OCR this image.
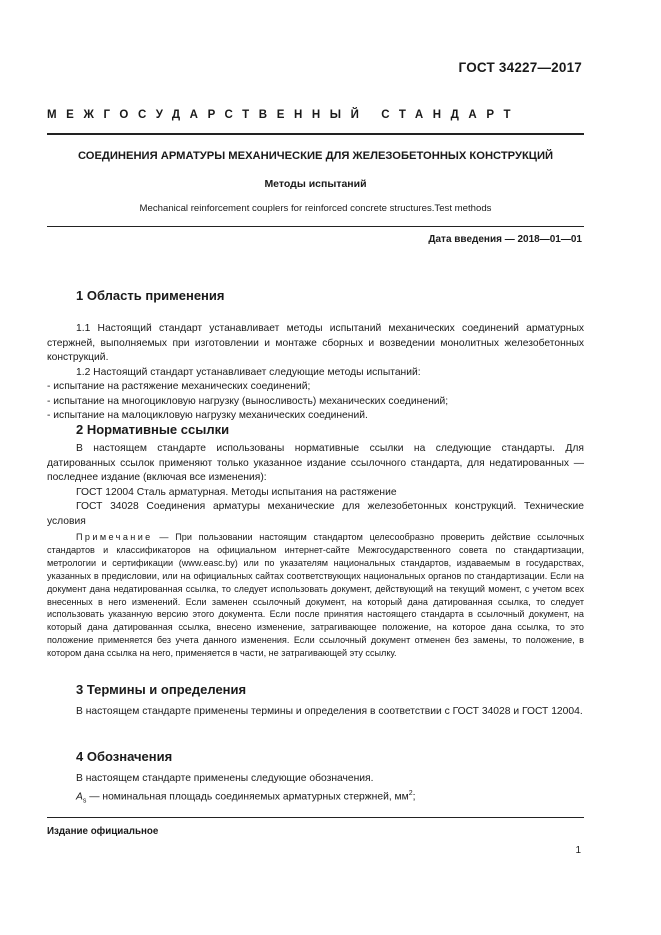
ГОСТ 34227—2017
МЕЖГОСУДАРСТВЕННЫЙ СТАНДАРТ
СОЕДИНЕНИЯ АРМАТУРЫ МЕХАНИЧЕСКИЕ ДЛЯ ЖЕЛЕЗОБЕТОННЫХ КОНСТРУКЦИЙ
Методы испытаний
Mechanical reinforcement couplers for reinforced concrete structures.Test methods
Дата введения — 2018—01—01
1 Область применения
1.1 Настоящий стандарт устанавливает методы испытаний механических соединений арматурных стержней, выполняемых при изготовлении и монтаже сборных и возведении монолитных железобетонных конструкций.
1.2 Настоящий стандарт устанавливает следующие методы испытаний:
- испытание на растяжение механических соединений;
- испытание на многоцикловую нагрузку (выносливость) механических соединений;
- испытание на малоцикловую нагрузку механических соединений.
2 Нормативные ссылки
В настоящем стандарте использованы нормативные ссылки на следующие стандарты. Для датированных ссылок применяют только указанное издание ссылочного стандарта, для недатированных — последнее издание (включая все изменения):
ГОСТ 12004 Сталь арматурная. Методы испытания на растяжение
ГОСТ 34028 Соединения арматуры механические для железобетонных конструкций. Технические условия
Примечание — При пользовании настоящим стандартом целесообразно проверить действие ссылочных стандартов и классификаторов на официальном интернет-сайте Межгосударственного совета по стандартизации, метрологии и сертификации (www.easc.by) или по указателям национальных стандартов, издаваемым в государствах, указанных в предисловии, или на официальных сайтах соответствующих национальных органов по стандартизации. Если на документ дана недатированная ссылка, то следует использовать документ, действующий на текущий момент, с учетом всех внесенных в него изменений. Если заменен ссылочный документ, на который дана датированная ссылка, то следует использовать указанную версию этого документа. Если после принятия настоящего стандарта в ссылочный документ, на который дана датированная ссылка, внесено изменение, затрагивающее положение, на которое дана ссылка, то это положение применяется без учета данного изменения. Если ссылочный документ отменен без замены, то положение, в котором дана ссылка на него, применяется в части, не затрагивающей эту ссылку.
3 Термины и определения
В настоящем стандарте применены термины и определения в соответствии с ГОСТ 34028 и ГОСТ 12004.
4 Обозначения
В настоящем стандарте применены следующие обозначения.
$A_s$ — номинальная площадь соединяемых арматурных стержней, $мм^2$;
Издание официальное
1
